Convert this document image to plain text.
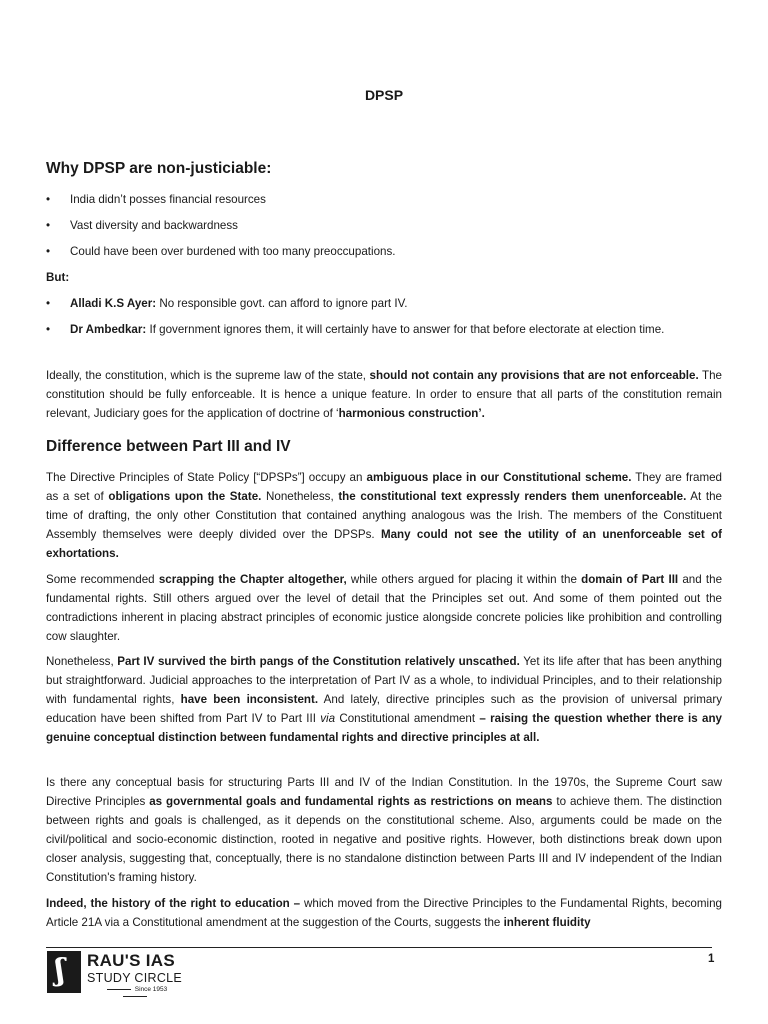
DPSP
Why DPSP are non-justiciable:
• India didn’t posses financial resources
• Vast diversity and backwardness
• Could have been over burdened with too many preoccupations.

But:

• Alladi K.S Ayer: No responsible govt. can afford to ignore part IV.
• Dr Ambedkar: If government ignores them, it will certainly have to answer for that before electorate at election time.

Ideally, the constitution, which is the supreme law of the state, should not contain any provisions that are not enforceable. The constitution should be fully enforceable. It is hence a unique feature. In order to ensure that all parts of the constitution remain relevant, Judiciary goes for the application of doctrine of ‘harmonious construction’.

Difference between Part III and IV

The Directive Principles of State Policy [“DPSPs”] occupy an ambiguous place in our Constitutional scheme. They are framed as a set of obligations upon the State. Nonetheless, the constitutional text expressly renders them unenforceable. At the time of drafting, the only other Constitution that contained anything analogous was the Irish. The members of the Constituent Assembly themselves were deeply divided over the DPSPs. Many could not see the utility of an unenforceable set of exhortations.

Some recommended scrapping the Chapter altogether, while others argued for placing it within the domain of Part III and the fundamental rights. Still others argued over the level of detail that the Principles set out. And some of them pointed out the contradictions inherent in placing abstract principles of economic justice alongside concrete policies like prohibition and controlling cow slaughter.

Nonetheless, Part IV survived the birth pangs of the Constitution relatively unscathed. Yet its life after that has been anything but straightforward. Judicial approaches to the interpretation of Part IV as a whole, to individual Principles, and to their relationship with fundamental rights, have been inconsistent. And lately, directive principles such as the provision of universal primary education have been shifted from Part IV to Part III via Constitutional amendment – raising the question whether there is any genuine conceptual distinction between fundamental rights and directive principles at all.

Is there any conceptual basis for structuring Parts III and IV of the Indian Constitution. In the 1970s, the Supreme Court saw Directive Principles as governmental goals and fundamental rights as restrictions on means to achieve them. The distinction between rights and goals is challenged, as it depends on the constitutional scheme. Also, arguments could be made on the civil/political and socio-economic distinction, rooted in negative and positive rights. However, both distinctions break down upon closer analysis, suggesting that, conceptually, there is no standalone distinction between Parts III and IV independent of the Indian Constitution's framing history.

Indeed, the history of the right to education – which moved from the Directive Principles to the Fundamental Rights, becoming Article 21A via a Constitutional amendment at the suggestion of the Courts, suggests the inherent fluidity

ʃ RAU'S IAS
STUDY CIRCLE
Since 1953
1
